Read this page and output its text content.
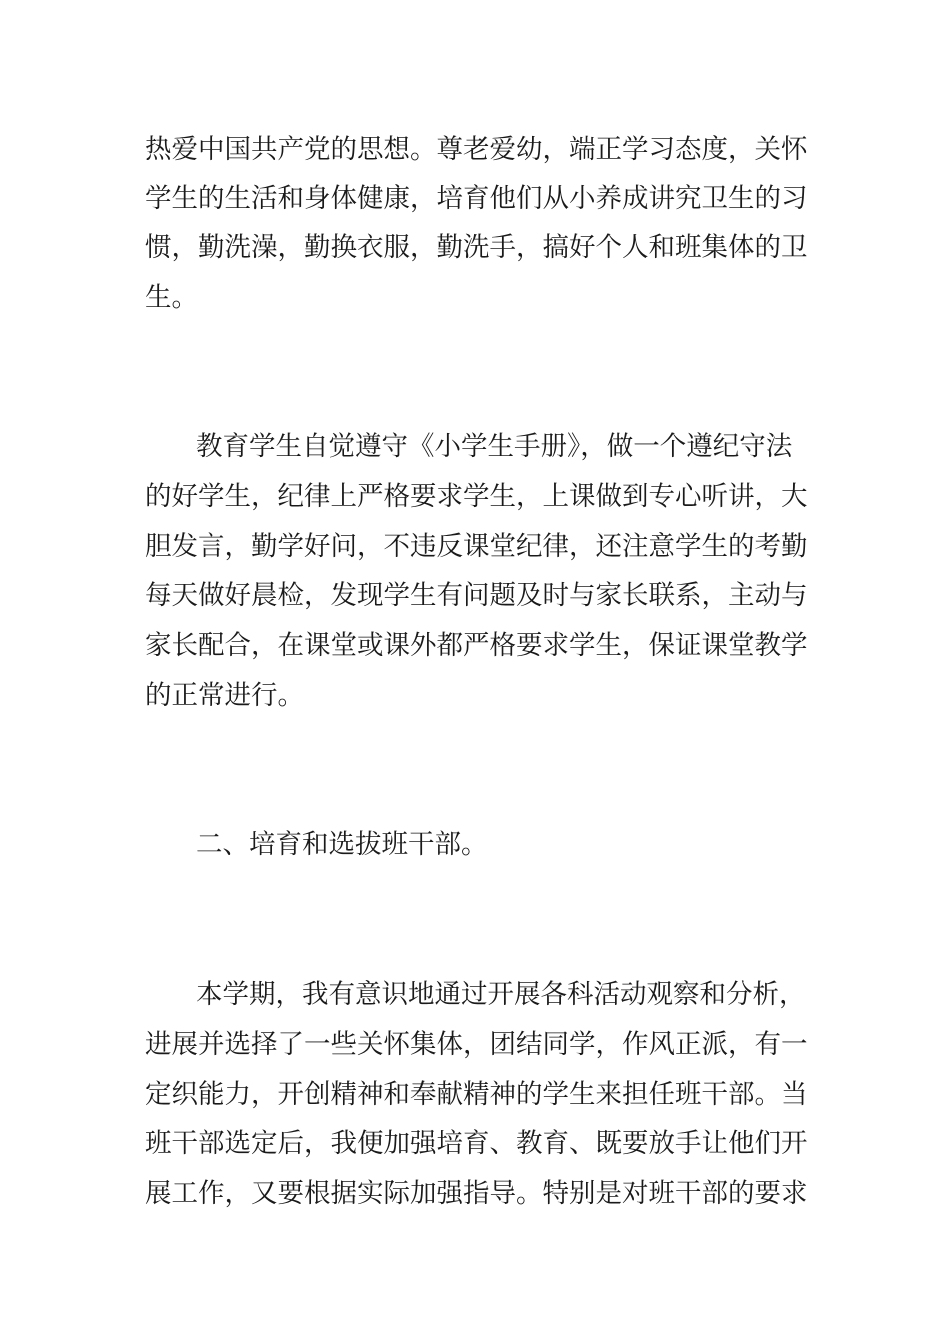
热爱中国共产党的思想。尊老爱幼，端正学习态度，关怀
学生的生活和身体健康，培育他们从小养成讲究卫生的习
惯，勤洗澡，勤换衣服，勤洗手，搞好个人和班集体的卫
生。
教育学生自觉遵守《小学生手册》，做一个遵纪守法
的好学生，纪律上严格要求学生，上课做到专心听讲，大
胆发言，勤学好问，不违反课堂纪律，还注意学生的考勤
每天做好晨检，发现学生有问题及时与家长联系，主动与
家长配合，在课堂或课外都严格要求学生，保证课堂教学
的正常进行。
二、培育和选拔班干部。
本学期，我有意识地通过开展各科活动观察和分析，
进展并选择了一些关怀集体，团结同学，作风正派，有一
定织能力，开创精神和奉献精神的学生来担任班干部。当
班干部选定后，我便加强培育、教育、既要放手让他们开
展工作，又要根据实际加强指导。特别是对班干部的要求
